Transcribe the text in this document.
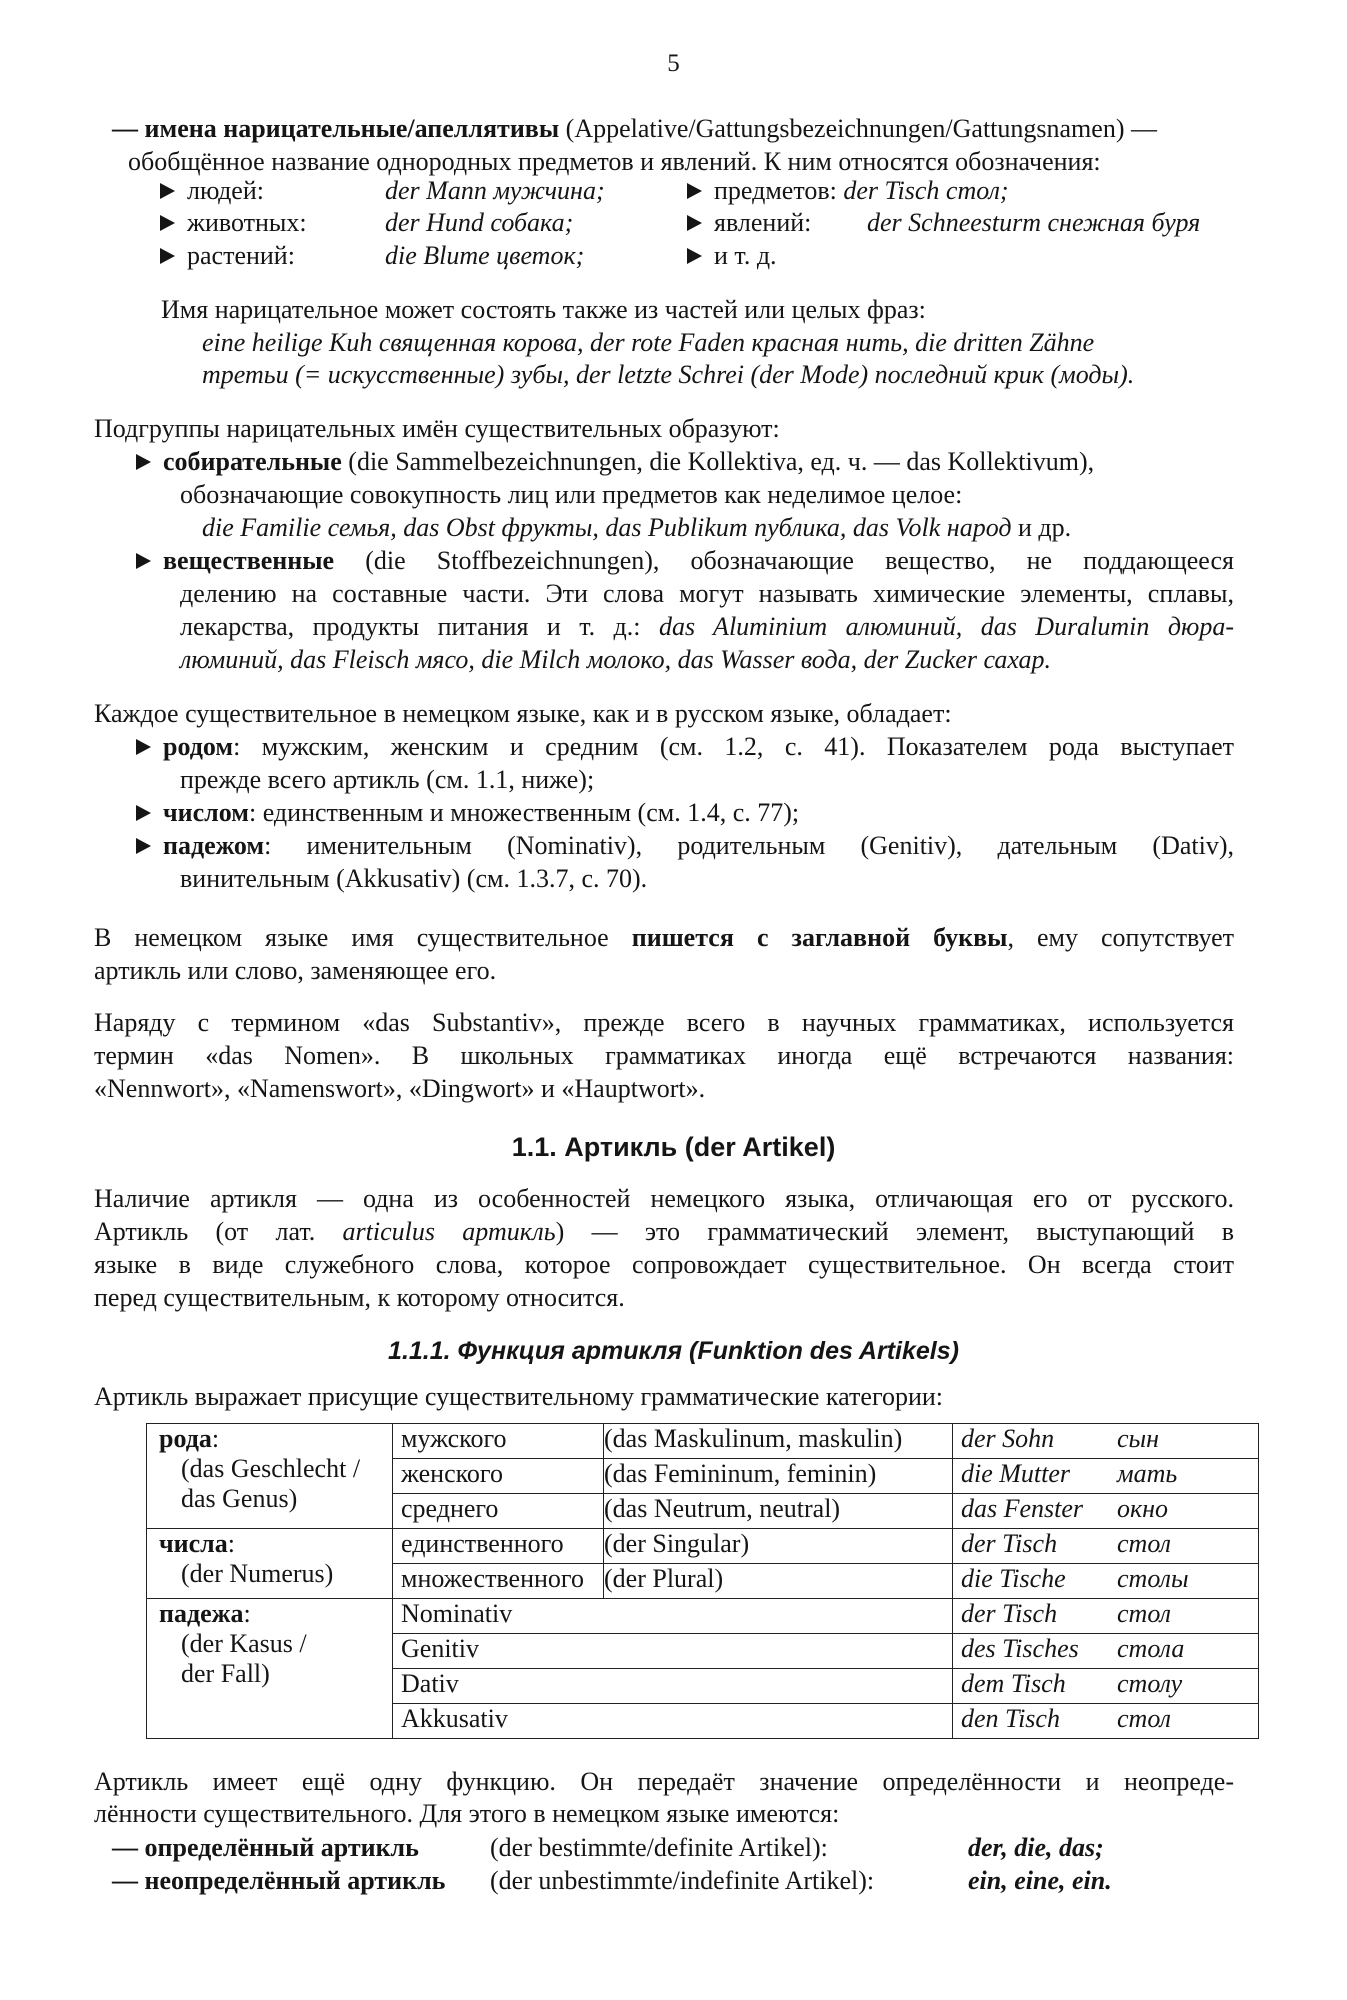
5
— имена нарицательные/апеллятивы (Appelative/Gattungsbezeichnungen/Gattungsnamen) —
обобщённое название однородных предметов и явлений. К ним относятся обозначения:
людей:	der Mann мужчина;	предметов: der Tisch стол;
животных:	der Hund собака;	явлений: der Schneesturm снежная буря
растений:	die Blume цветок;	и т. д.
Имя нарицательное может состоять также из частей или целых фраз:
eine heilige Kuh священная корова, der rote Faden красная нить, die dritten Zähne
третьи (= искусственные) зубы, der letzte Schrei (der Mode) последний крик (моды).
Подгруппы нарицательных имён существительных образуют:
собирательные (die Sammelbezeichnungen, die Kollektiva, ед. ч. — das Kollektivum),
обозначающие совокупность лиц или предметов как неделимое целое:
die Familie семья, das Obst фрукты, das Publikum публика, das Volk народ и др.
вещественные (die Stoffbezeichnungen), обозначающие вещество, не поддающееся
делению на составные части. Эти слова могут называть химические элементы, сплавы,
лекарства, продукты питания и т. д.: das Aluminium алюминий, das Duralumin дюра-
люминий, das Fleisch мясо, die Milch молоко, das Wasser вода, der Zucker сахар.
Каждое существительное в немецком языке, как и в русском языке, обладает:
родом: мужским, женским и средним (см. 1.2, с. 41). Показателем рода выступает
прежде всего артикль (см. 1.1, ниже);
числом: единственным и множественным (см. 1.4, с. 77);
падежом: именительным (Nominativ), родительным (Genitiv), дательным (Dativ),
винительным (Akkusativ) (см. 1.3.7, с. 70).
В немецком языке имя существительное пишется с заглавной буквы, ему сопутствует
артикль или слово, заменяющее его.
Наряду с термином «das Substantiv», прежде всего в научных грамматиках, используется
термин «das Nomen». В школьных грамматиках иногда ещё встречаются названия:
«Nennwort», «Namenswort», «Dingwort» и «Hauptwort».
1.1. Артикль (der Artikel)
Наличие артикля — одна из особенностей немецкого языка, отличающая его от русского.
Артикль (от лат. articulus артикль) — это грамматический элемент, выступающий в
языке в виде служебного слова, которое сопровождает существительное. Он всегда стоит
перед существительным, к которому относится.
1.1.1. Функция артикля (Funktion des Artikels)
Артикль выражает присущие существительному грамматические категории:
рода:
(das Geschlecht /
das Genus)	мужского	(das Maskulinum, maskulin)	der Sohn	сын
	женского	(das Femininum, feminin)	die Mutter	мать
	среднего	(das Neutrum, neutral)	das Fenster	окно

числа:
(der Numerus)	единственного	(der Singular)	der Tisch	стол
	множественного	(der Plural)	die Tische	столы

падежа:
(der Kasus /
der Fall)	Nominativ		der Tisch	стол
	Genitiv		des Tisches	стола
	Dativ		dem Tisch	столу
	Akkusativ		den Tisch	стол
Артикль имеет ещё одну функцию. Он передаёт значение определённости и неопреде-
лённости существительного. Для этого в немецком языке имеются:
— определённый артикль	(der bestimmte/definite Artikel):	der, die, das;
— неопределённый артикль (der unbestimmte/indefinite Artikel):	ein, eine, ein.
